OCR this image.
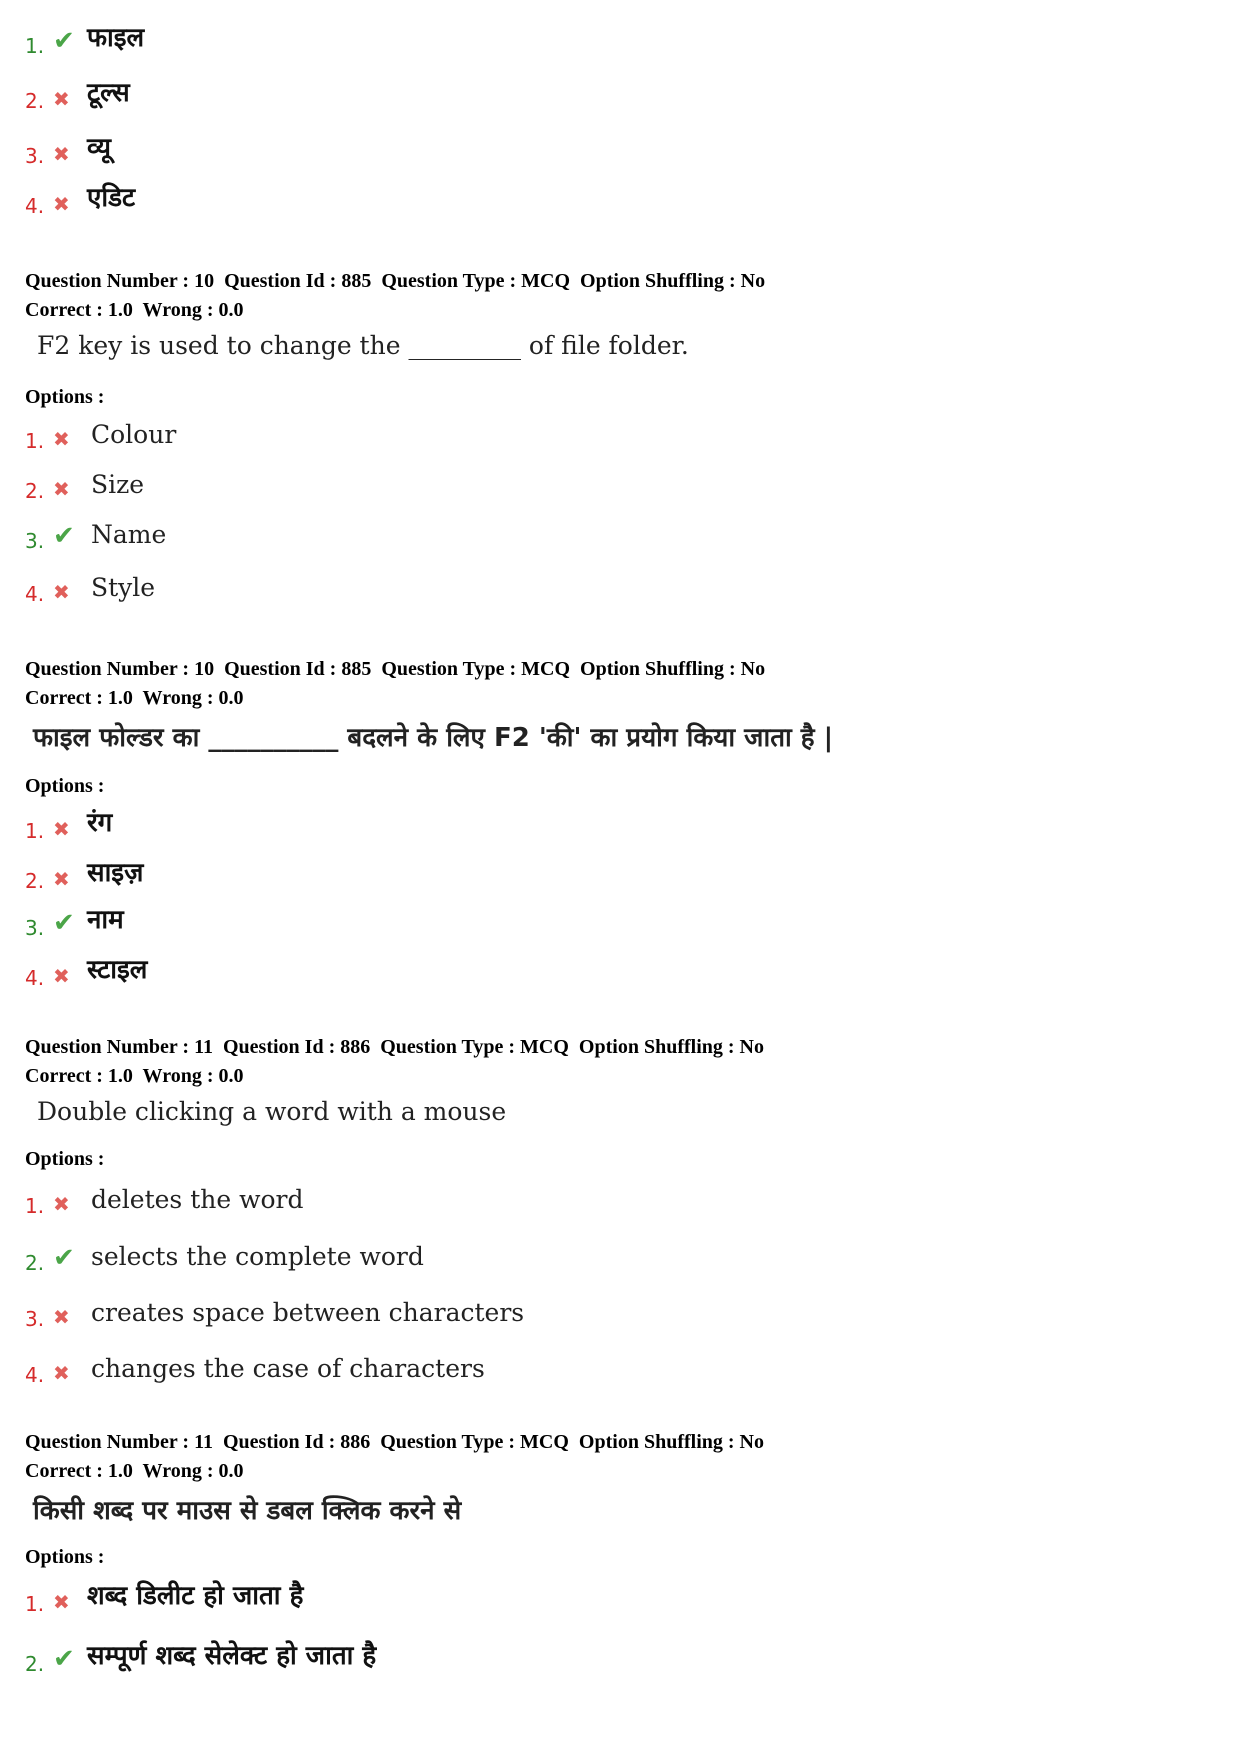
1. ✔ फाइल
2. ✖ टूल्स
3. ✖ व्यू
4. ✖ एडिट
Question Number : 10  Question Id : 885  Question Type : MCQ  Option Shuffling : No
Correct : 1.0  Wrong : 0.0
F2 key is used to change the _________ of file folder.
Options :
1. ✖ Colour
2. ✖ Size
3. ✔ Name
4. ✖ Style
Question Number : 10  Question Id : 885  Question Type : MCQ  Option Shuffling : No
Correct : 1.0  Wrong : 0.0
फाइल फोल्डर का __________ बदलने के लिए F2 'की' का प्रयोग किया जाता है |
Options :
1. ✖ रंग
2. ✖ साइज़
3. ✔ नाम
4. ✖ स्टाइल
Question Number : 11  Question Id : 886  Question Type : MCQ  Option Shuffling : No
Correct : 1.0  Wrong : 0.0
Double clicking a word with a mouse
Options :
1. ✖ deletes the word
2. ✔ selects the complete word
3. ✖ creates space between characters
4. ✖ changes the case of characters
Question Number : 11  Question Id : 886  Question Type : MCQ  Option Shuffling : No
Correct : 1.0  Wrong : 0.0
किसी शब्द पर माउस से डबल क्लिक करने से
Options :
1. ✖ शब्द डिलीट हो जाता है
2. ✔ सम्पूर्ण शब्द सेलेक्ट हो जाता है
